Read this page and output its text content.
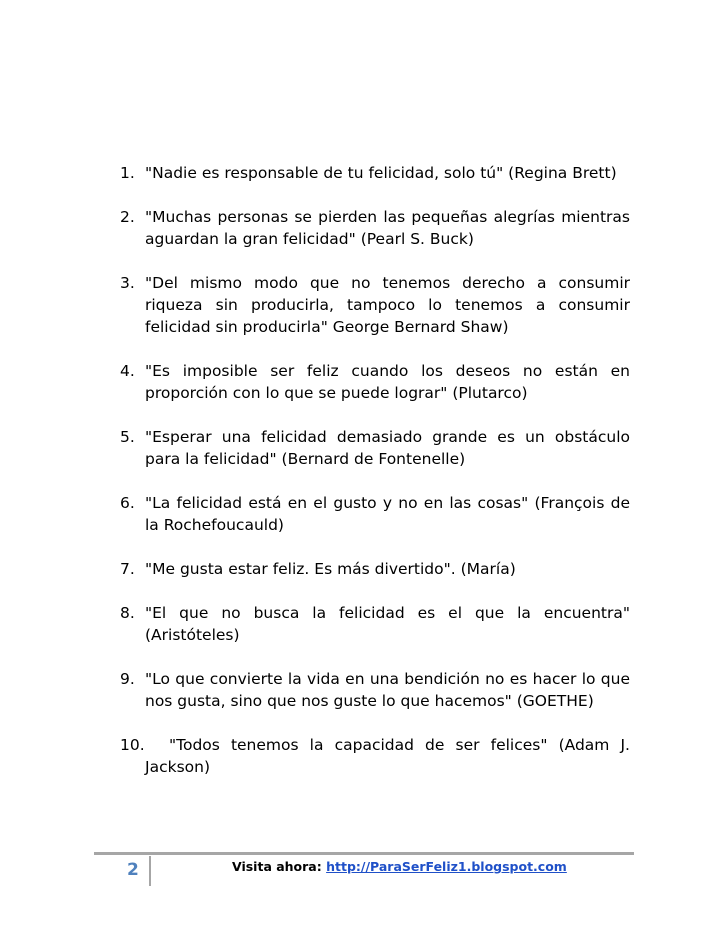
1. "Nadie es responsable de tu felicidad, solo tú" (Regina Brett)
2. "Muchas personas se pierden las pequeñas alegrías mientras aguardan la gran felicidad" (Pearl S. Buck)
3. "Del mismo modo que no tenemos derecho a consumir riqueza sin producirla, tampoco lo tenemos a consumir felicidad sin producirla" George Bernard Shaw)
4. "Es imposible ser feliz cuando los deseos no están en proporción con lo que se puede lograr" (Plutarco)
5. "Esperar una felicidad demasiado grande es un obstáculo para la felicidad" (Bernard de Fontenelle)
6. "La felicidad está en el gusto y no en las cosas" (François de la Rochefoucauld)
7. "Me gusta estar feliz. Es más divertido". (María)
8. "El que no busca la felicidad es el que la encuentra" (Aristóteles)
9. "Lo que convierte la vida en una bendición no es hacer lo que nos gusta, sino que nos guste lo que hacemos" (GOETHE)
10. "Todos tenemos la capacidad de ser felices" (Adam J. Jackson)
2	Visita ahora: http://ParaSerFeliz1.blogspot.com
